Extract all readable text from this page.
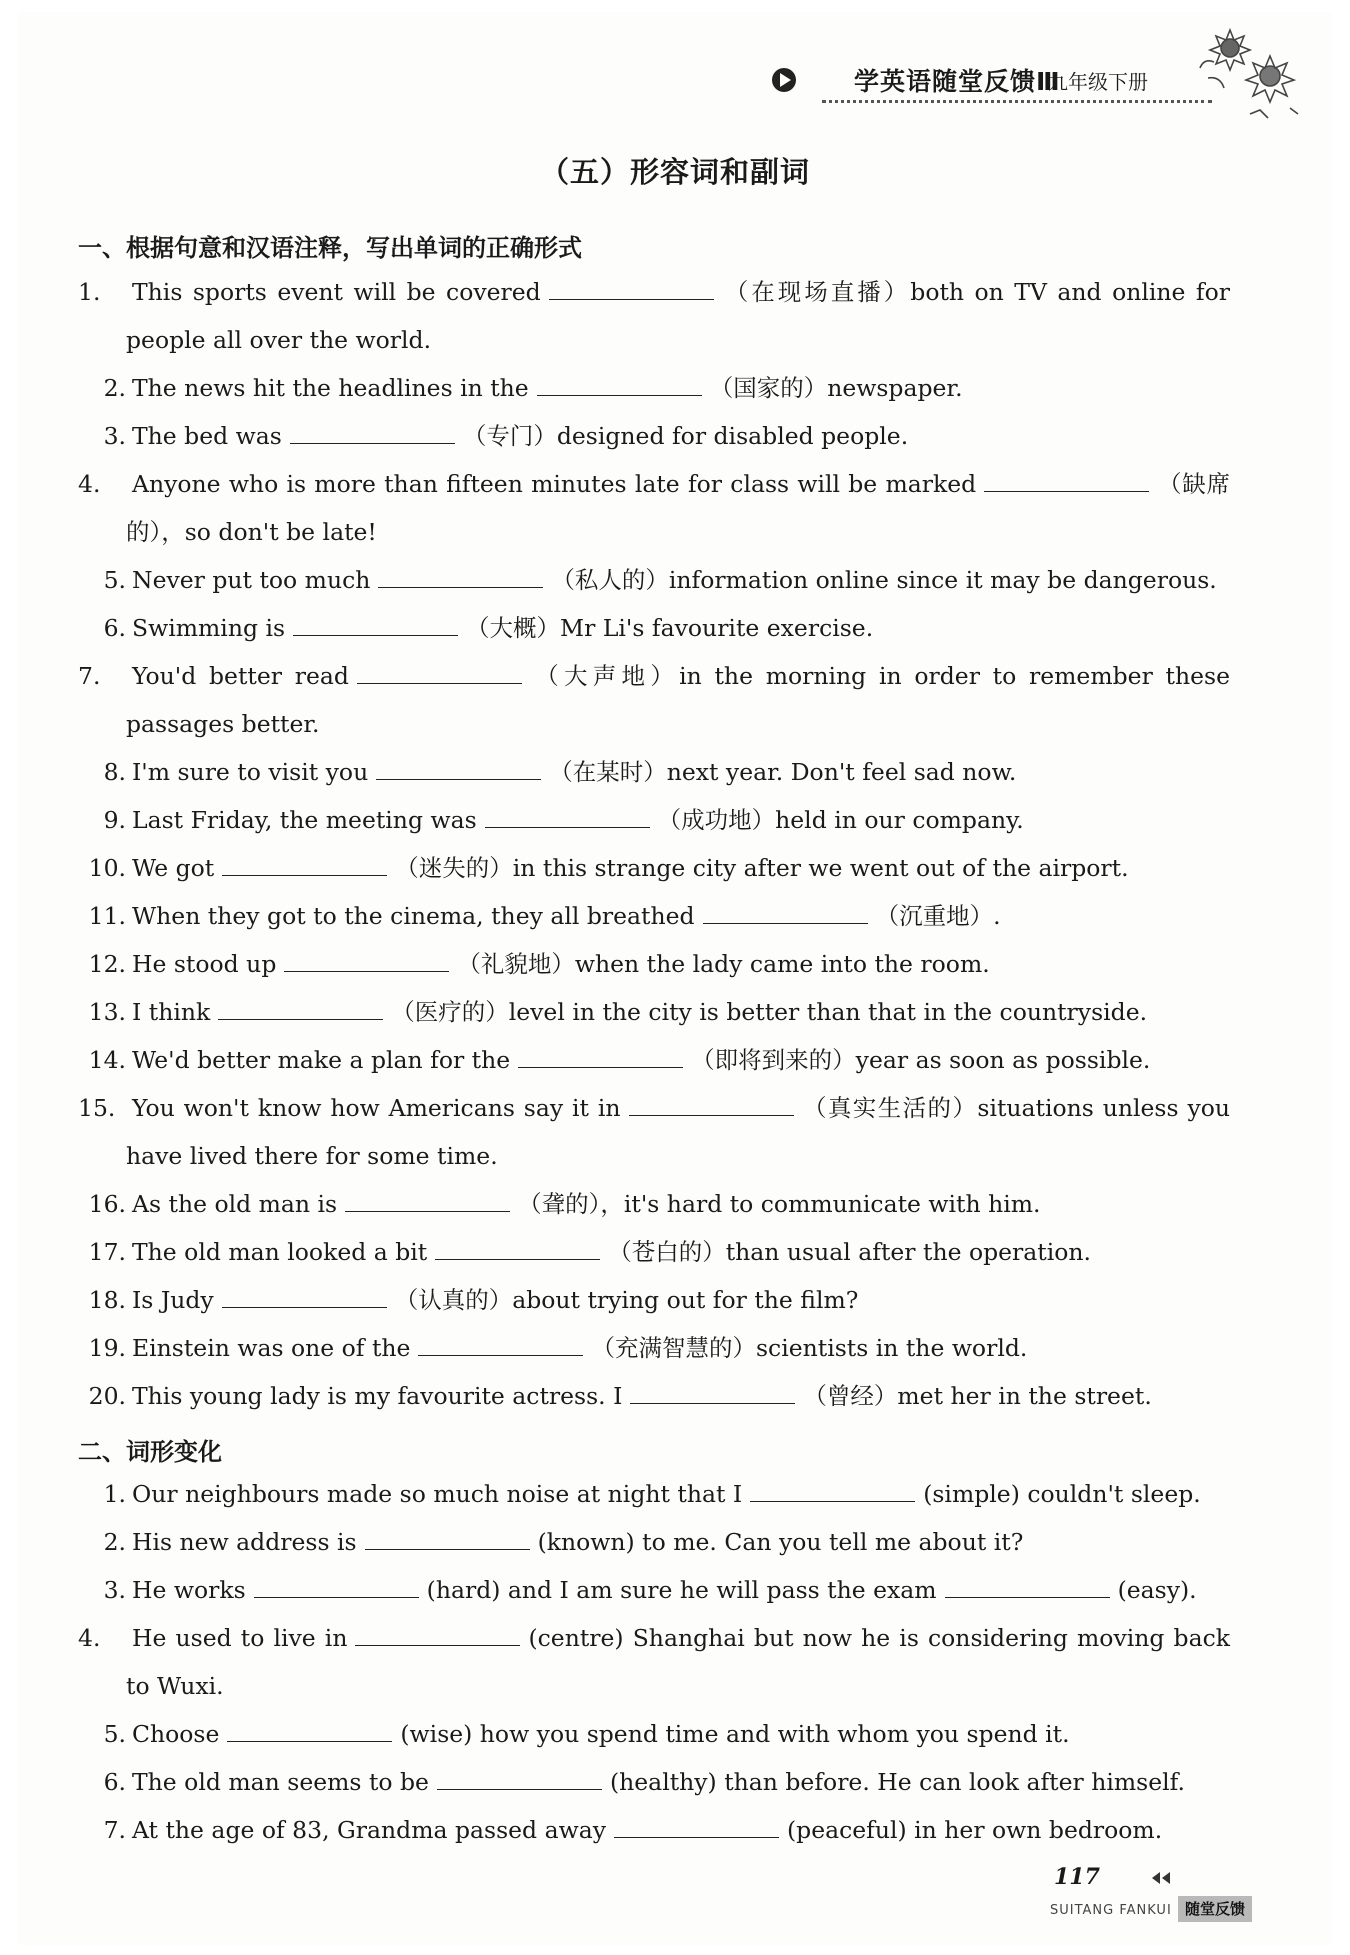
学英语随堂反馈Ⅲ
九年级下册
（五）形容词和副词
一、根据句意和汉语注释，写出单词的正确形式
1. This sports event will be covered	（在现场直播）both on TV and online for
people all over the world.
2. The news hit the headlines in the	（国家的）newspaper.
3. The bed was	（专门）designed for disabled people.
4. Anyone who is more than fifteen minutes late for class will be marked	（缺席
的），so don't be late!
5. Never put too much	（私人的）information online since it may be dangerous.
6. Swimming is	（大概）Mr Li's favourite exercise.
7. You'd better read	（大声地）in the morning in order to remember these
passages better.
8. I'm sure to visit you	（在某时）next year. Don't feel sad now.
9. Last Friday, the meeting was	（成功地）held in our company.
10. We got	（迷失的）in this strange city after we went out of the airport.
11. When they got to the cinema, they all breathed	（沉重地）.
12. He stood up	（礼貌地）when the lady came into the room.
13. I think	（医疗的）level in the city is better than that in the countryside.
14. We'd better make a plan for the	（即将到来的）year as soon as possible.
15. You won't know how Americans say it in	（真实生活的）situations unless you
have lived there for some time.
16. As the old man is	（聋的），it's hard to communicate with him.
17. The old man looked a bit	（苍白的）than usual after the operation.
18. Is Judy	（认真的）about trying out for the film?
19. Einstein was one of the	（充满智慧的）scientists in the world.
20. This young lady is my favourite actress. I	（曾经）met her in the street.
二、词形变化
1. Our neighbours made so much noise at night that I	(simple) couldn't sleep.
2. His new address is	(known) to me. Can you tell me about it?
3. He works	(hard) and I am sure he will pass the exam	(easy).
4. He used to live in	(centre) Shanghai but now he is considering moving back
to Wuxi.
5. Choose	(wise) how you spend time and with whom you spend it.
6. The old man seems to be	(healthy) than before. He can look after himself.
7. At the age of 83, Grandma passed away	(peaceful) in her own bedroom.
117
SUITANG FANKUI 随堂反馈
